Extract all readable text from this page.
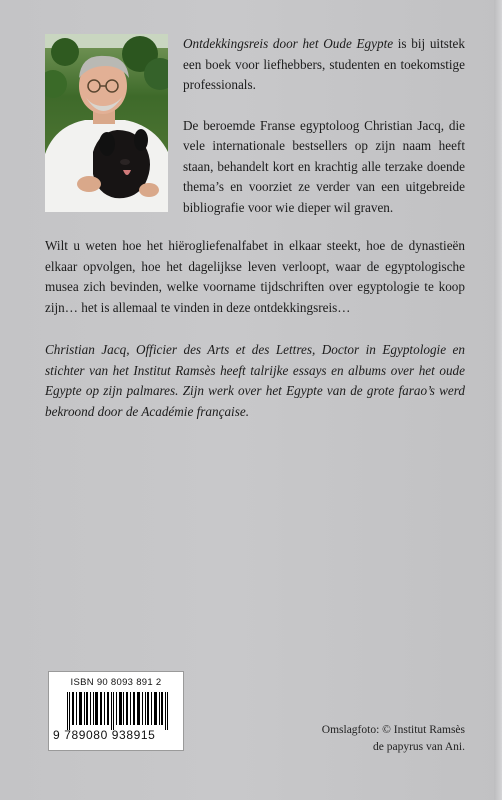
Ontdekkingsreis door het Oude Egypte is bij uitstek een boek voor liefhebbers, studenten en toekomstige professionals.

De beroemde Franse egyptoloog Christian Jacq, die vele internationale bestsellers op zijn naam heeft staan, behandelt kort en krachtig alle terzake doende thema’s en voorziet ze verder van een uitgebreide bibliografie voor wie dieper wil graven.

Wilt u weten hoe het hiërogliefenalfabet in elkaar steekt, hoe de dynastieën elkaar opvolgen, hoe het dagelijkse leven verloopt, waar de egyptologische musea zich bevinden, welke voorname tijdschriften over egyptologie te koop zijn… het is allemaal te vinden in deze ontdekkingsreis…

Christian Jacq, Officier des Arts et des Lettres, Doctor in Egyptologie en stichter van het Institut Ramsès heeft talrijke essays en albums over het oude Egypte op zijn palmares. Zijn werk over het Egypte van de grote farao’s werd bekroond door de Académie française.

ISBN 90 8093 891 2
9 789080 938915	Omslagfoto: © Institut Ramsès
de papyrus van Ani.
